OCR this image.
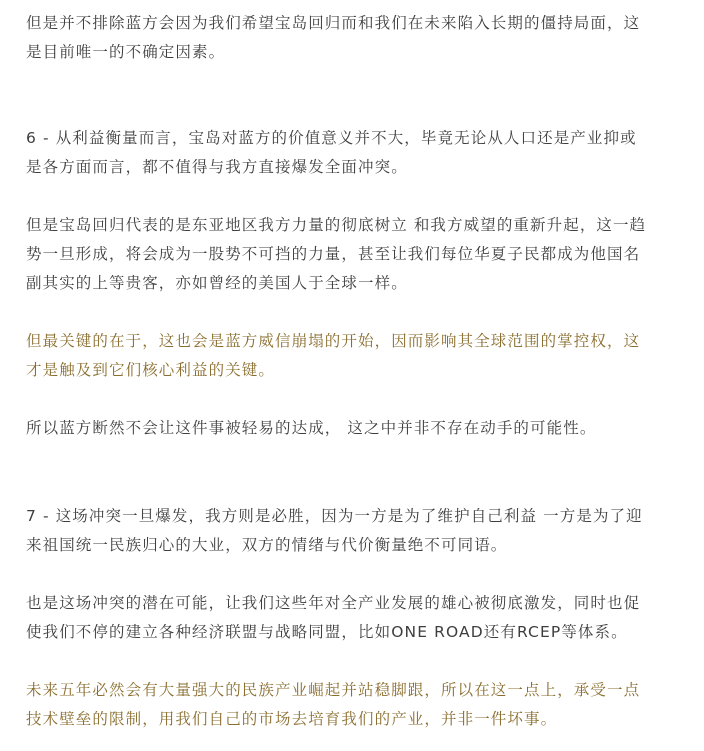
但是并不排除蓝方会因为我们希望宝岛回归而和我们在未来陷入长期的僵持局面，这

是目前唯一的不确定因素。

6 - 从利益衡量而言，宝岛对蓝方的价值意义并不大，毕竟无论从人口还是产业抑或

是各方面而言，都不值得与我方直接爆发全面冲突。

但是宝岛回归代表的是东亚地区我方力量的彻底树立 和我方威望的重新升起，这一趋

势一旦形成，将会成为一股势不可挡的力量，甚至让我们每位华夏子民都成为他国名

副其实的上等贵客，亦如曾经的美国人于全球一样。

但最关键的在于，这也会是蓝方威信崩塌的开始，因而影响其全球范围的掌控权，这

才是触及到它们核心利益的关键。

所以蓝方断然不会让这件事被轻易的达成， 这之中并非不存在动手的可能性。

7 - 这场冲突一旦爆发，我方则是必胜，因为一方是为了维护自己利益 一方是为了迎

来祖国统一民族归心的大业，双方的情绪与代价衡量绝不可同语。

也是这场冲突的潜在可能，让我们这些年对全产业发展的雄心被彻底激发，同时也促

使我们不停的建立各种经济联盟与战略同盟，比如ONE ROAD还有RCEP等体系。

未来五年必然会有大量强大的民族产业崛起并站稳脚跟，所以在这一点上，承受一点

技术壁垒的限制，用我们自己的市场去培育我们的产业，并非一件坏事。
